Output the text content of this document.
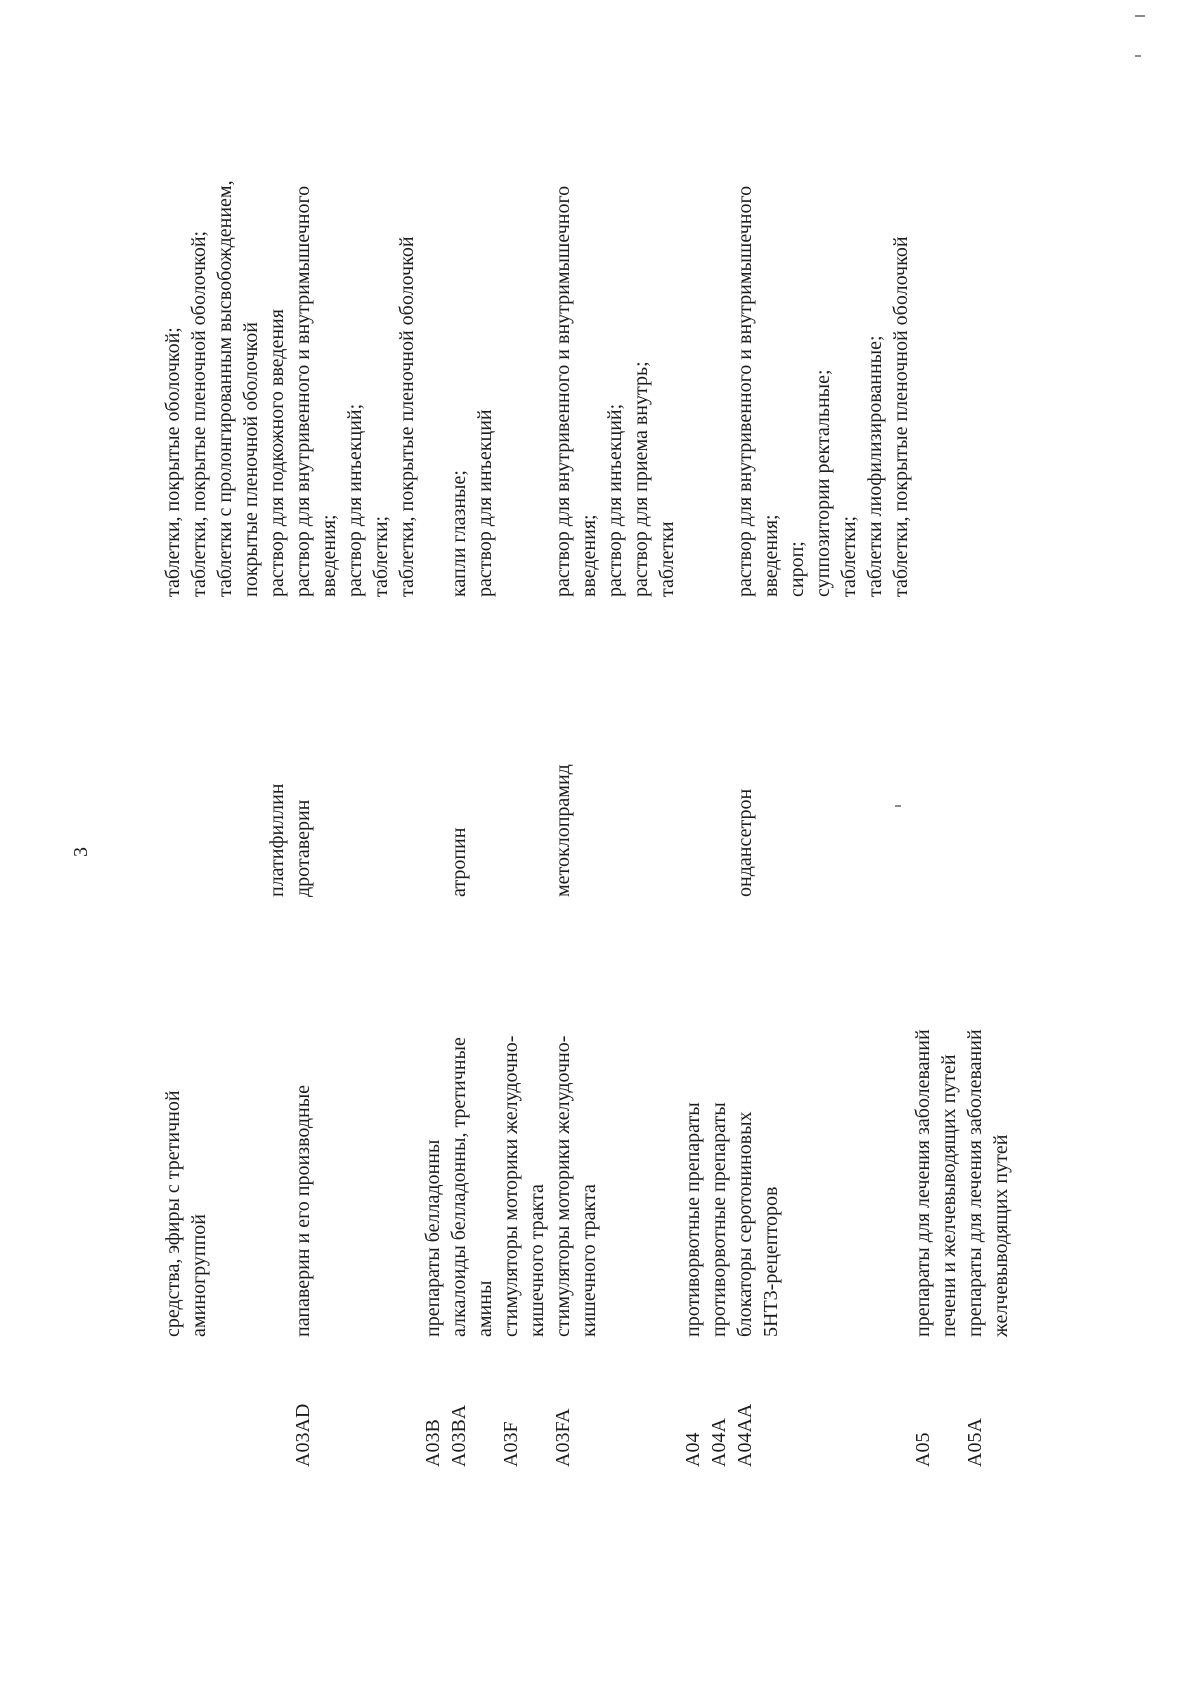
3
средства, эфиры с третичной аминогруппой
таблетки, покрытые оболочкой; таблетки, покрытые пленочной оболочкой; таблетки с пролонгированным высвобождением, покрытые пленочной оболочкой раствор для подкожного введения раствор для внутривенного и внутримышечного введения; раствор для инъекций; таблетки; таблетки, покрытые пленочной оболочкой
платифиллин дротаверин
A03AD
папаверин и его производные
A03B
препараты белладонны
A03BA
алкалоиды белладонны, третичные амины
атропин
капли глазные; раствор для инъекций
A03F
стимуляторы моторики желудочно- кишечного тракта
A03FA
стимуляторы моторики желудочно- кишечного тракта
метоклопрамид
раствор для внутривенного и внутримышечного введения; раствор для инъекций; раствор для приема внутрь; таблетки
A04
противорвотные препараты
A04A
противорвотные препараты
A04AA
блокаторы серотониновых 5HT3-рецепторов
ондансетрон
раствор для внутривенного и внутримышечного введения; сироп; суппозитории ректальные; таблетки; таблетки лиофилизированные; таблетки, покрытые пленочной оболочкой
A05
препараты для лечения заболеваний печени и желчевыводящих путей
A05A
препараты для лечения заболеваний желчевыводящих путей
